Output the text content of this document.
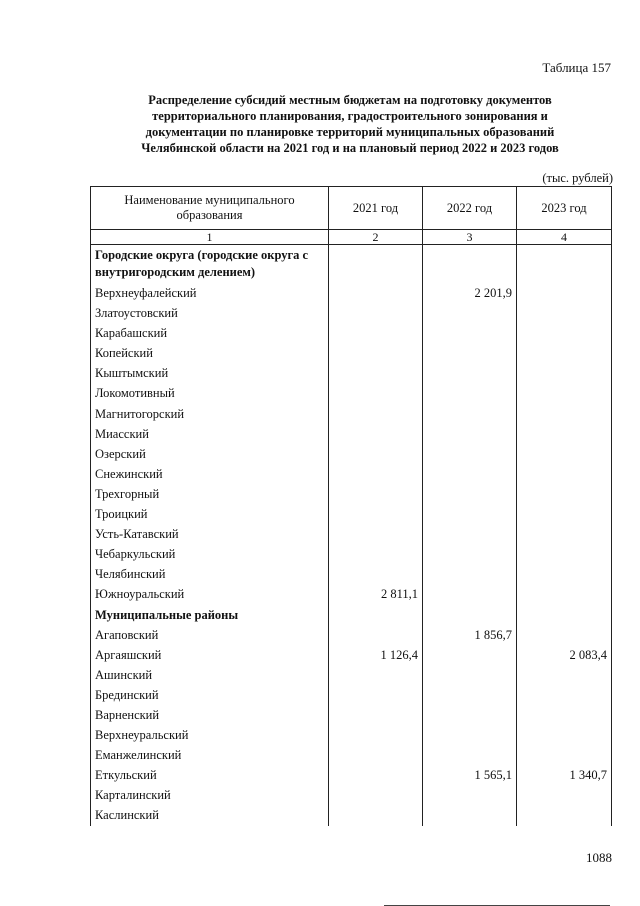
Таблица 157
Распределение субсидий местным бюджетам на подготовку документов
территориального планирования, градостроительного зонирования и
документации по планировке территорий муниципальных образований
Челябинской области на 2021 год и на плановый период 2022 и 2023 годов
(тыс. рублей)
Наименование муниципального образования	2021 год	2022 год	2023 год
1	2	3	4
Городские округа (городские округа с внутригородским делением)			
Верхнеуфалейский		2 201,9	
Златоустовский			
Карабашский			
Копейский			
Кыштымский			
Локомотивный			
Магнитогорский			
Миасский			
Озерский			
Снежинский			
Трехгорный			
Троицкий			
Усть-Катавский			
Чебаркульский			
Челябинский			
Южноуральский	2 811,1		
Муниципальные районы			
Агаповский		1 856,7	
Аргаяшский	1 126,4		2 083,4
Ашинский			
Брединский			
Варненский			
Верхнеуральский			
Еманжелинский			
Еткульский		1 565,1	1 340,7
Карталинский			
Каслинский			
1088
